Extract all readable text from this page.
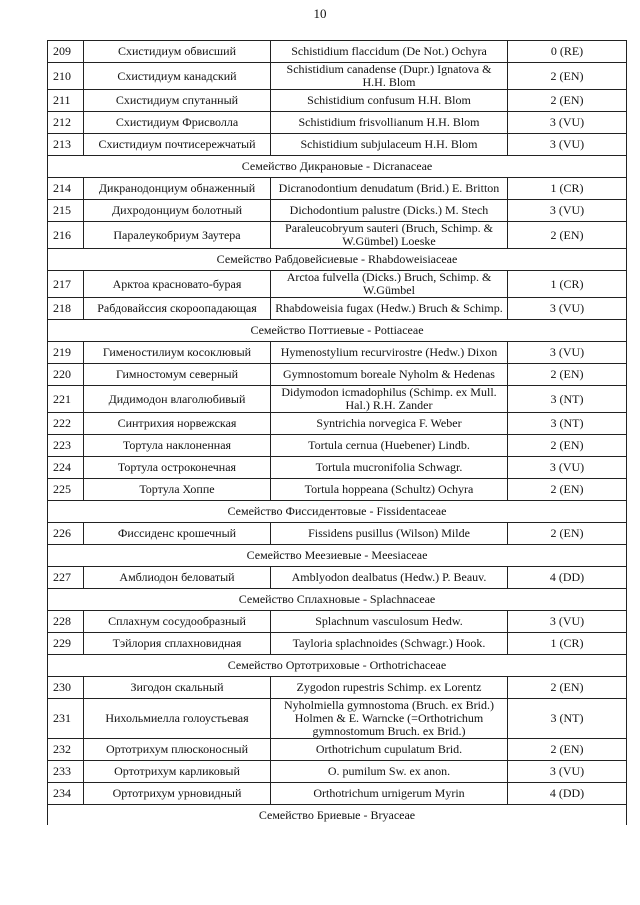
10
209	Схистидиум обвисший	Schistidium flaccidum (De Not.) Ochyra	0 (RE)
210	Схистидиум канадский	Schistidium canadense (Dupr.) Ignatova & H.H. Blom	2 (EN)
211	Схистидиум спутанный	Schistidium confusum H.H. Blom	2 (EN)
212	Схистидиум Фрисволла	Schistidium frisvollianum H.H. Blom	3 (VU)
213	Схистидиум почтисережчатый	Schistidium subjulaceum H.H. Blom	3 (VU)
Семейство Дикрановые - Dicranaceae			
214	Дикранодонциум обнаженный	Dicranodontium denudatum (Brid.) E. Britton	1 (CR)
215	Дихродонциум болотный	Dichodontium palustre (Dicks.) M. Stech	3 (VU)
216	Паралеукобриум Заутера	Paraleucobryum sauteri (Bruch, Schimp. & W.Gümbel) Loeske	2 (EN)
Семейство Рабдовейсиевые - Rhabdoweisiaceae			
217	Арктоа красновато-бурая	Arctoa fulvella (Dicks.) Bruch, Schimp. & W.Gümbel	1 (CR)
218	Рабдовайссия скороопадающая	Rhabdoweisia fugax (Hedw.) Bruch & Schimp.	3 (VU)
Семейство Поттиевые - Pottiaceae			
219	Гименостилиум косоклювый	Hymenostylium recurvirostre (Hedw.) Dixon	3 (VU)
220	Гимностомум северный	Gymnostomum boreale Nyholm & Hedenas	2 (EN)
221	Дидимодон влаголюбивый	Didymodon icmadophilus (Schimp. ex Mull. Hal.) R.H. Zander	3 (NT)
222	Синтрихия норвежская	Syntrichia norvegica F. Weber	3 (NT)
223	Тортула наклоненная	Tortula cernua (Huebener) Lindb.	2 (EN)
224	Тортула остроконечная	Tortula mucronifolia Schwagr.	3 (VU)
225	Тортула Хоппе	Tortula hoppeana (Schultz) Ochyra	2 (EN)
Семейство Фиссидентовые - Fissidentaceae			
226	Фиссиденс крошечный	Fissidens pusillus (Wilson) Milde	2 (EN)
Семейство Меезиевые - Meesiaceae			
227	Амблиодон беловатый	Amblyodon dealbatus (Hedw.) P. Beauv.	4 (DD)
Семейство Сплахновые - Splachnaceae			
228	Сплахнум сосудообразный	Splachnum vasculosum Hedw.	3 (VU)
229	Тэйлория сплахновидная	Tayloria splachnoides (Schwagr.) Hook.	1 (CR)
Семейство Ортотриховые - Orthotrichaceae			
230	Зигодон скальный	Zygodon rupestris Schimp. ex Lorentz	2 (EN)
231	Нихольмиелла голоустьевая	Nyholmiella gymnostoma (Bruch. ex Brid.) Holmen & E. Warncke (=Orthotrichum gymnostomum Bruch. ex Brid.)	3 (NT)
232	Ортотрихум плюсконосный	Orthotrichum cupulatum Brid.	2 (EN)
233	Ортотрихум карликовый	O. pumilum Sw. ex anon.	3 (VU)
234	Ортотрихум урновидный	Orthotrichum urnigerum Myrin	4 (DD)
Семейство Бриевые - Bryaceae			
